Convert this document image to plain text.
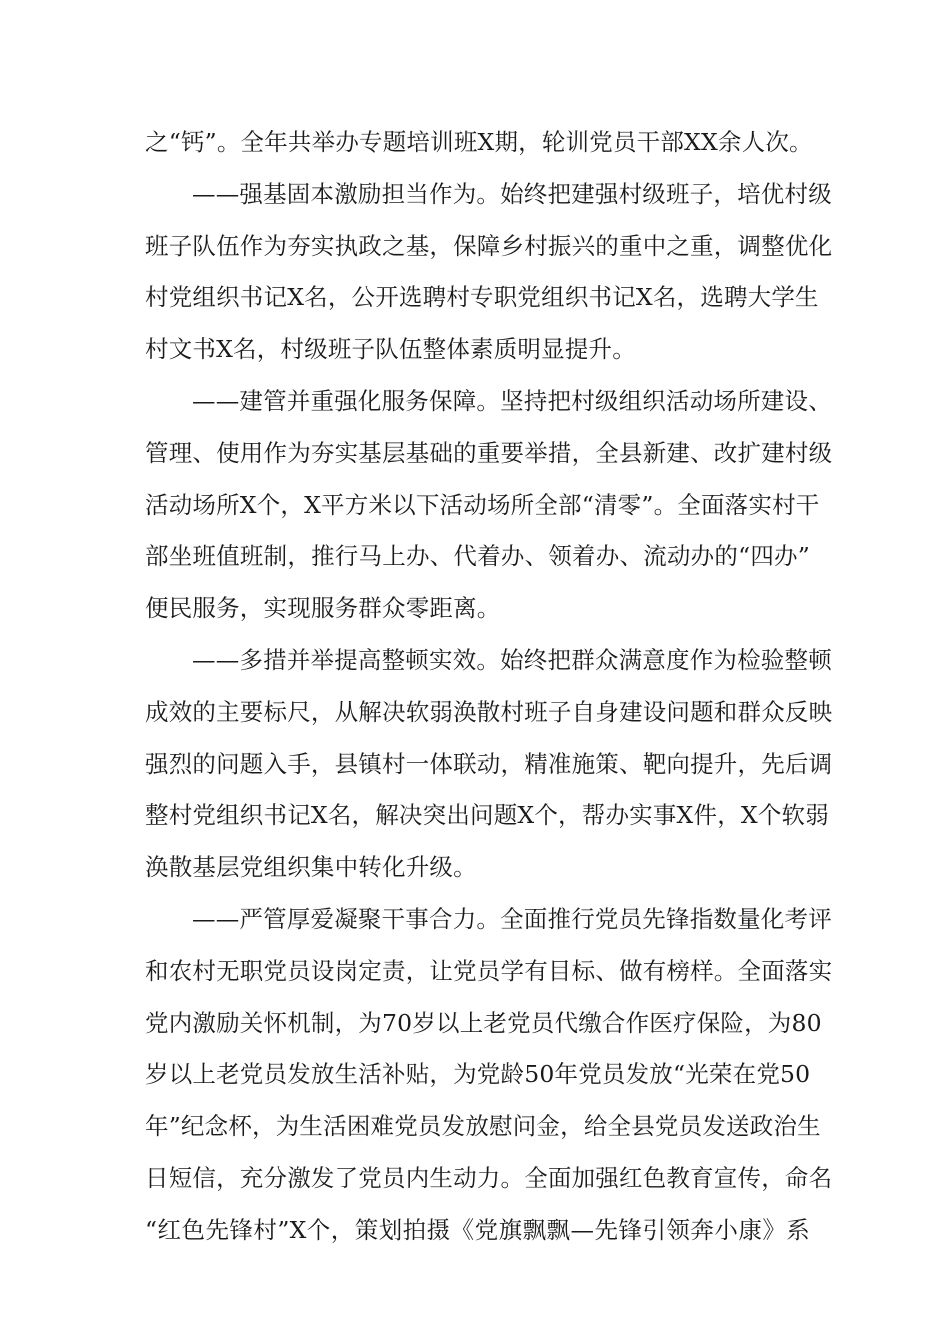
之“钙”。全年共举办专题培训班X期，轮训党员干部XX余人次。

——强基固本激励担当作为。始终把建强村级班子，培优村级
班子队伍作为夯实执政之基，保障乡村振兴的重中之重，调整优化
村党组织书记X名，公开选聘村专职党组织书记X名，选聘大学生
村文书X名，村级班子队伍整体素质明显提升。

——建管并重强化服务保障。坚持把村级组织活动场所建设、
管理、使用作为夯实基层基础的重要举措，全县新建、改扩建村级
活动场所X个，X平方米以下活动场所全部“清零”。全面落实村干
部坐班值班制，推行马上办、代着办、领着办、流动办的“四办”
便民服务，实现服务群众零距离。

——多措并举提高整顿实效。始终把群众满意度作为检验整顿
成效的主要标尺，从解决软弱涣散村班子自身建设问题和群众反映
强烈的问题入手，县镇村一体联动，精准施策、靶向提升，先后调
整村党组织书记X名，解决突出问题X个，帮办实事X件，X个软弱
涣散基层党组织集中转化升级。

——严管厚爱凝聚干事合力。全面推行党员先锋指数量化考评
和农村无职党员设岗定责，让党员学有目标、做有榜样。全面落实
党内激励关怀机制，为70岁以上老党员代缴合作医疗保险，为80
岁以上老党员发放生活补贴，为党龄50年党员发放“光荣在党50
年”纪念杯，为生活困难党员发放慰问金，给全县党员发送政治生
日短信，充分激发了党员内生动力。全面加强红色教育宣传，命名
“红色先锋村”X个，策划拍摄《党旗飘飘—先锋引领奔小康》系
